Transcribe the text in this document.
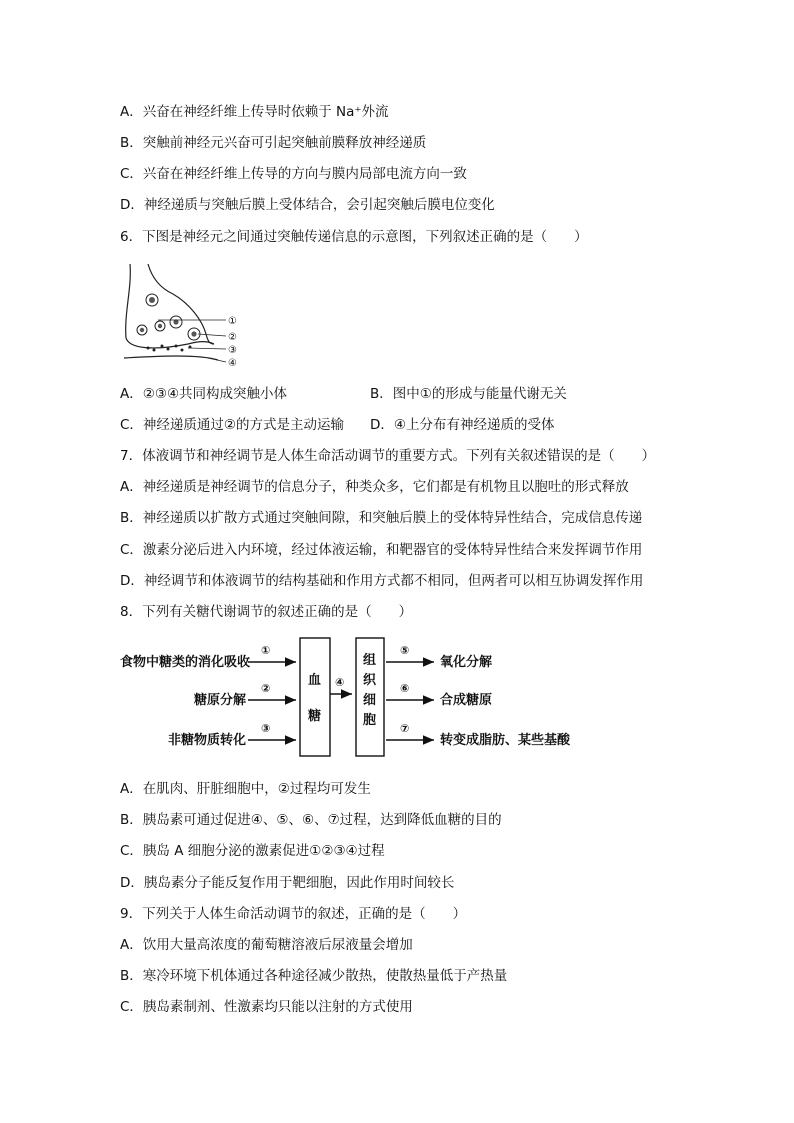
A．兴奋在神经纤维上传导时依赖于 Na⁺外流
B．突触前神经元兴奋可引起突触前膜释放神经递质
C．兴奋在神经纤维上传导的方向与膜内局部电流方向一致
D．神经递质与突触后膜上受体结合，会引起突触后膜电位变化
6．下图是神经元之间通过突触传递信息的示意图，下列叙述正确的是（　　）
①
②
③
④
A．②③④共同构成突触小体	B．图中①的形成与能量代谢无关
C．神经递质通过②的方式是主动运输 D．④上分布有神经递质的受体
7．体液调节和神经调节是人体生命活动调节的重要方式。下列有关叙述错误的是（　　）
A．神经递质是神经调节的信息分子，种类众多，它们都是有机物且以胞吐的形式释放
B．神经递质以扩散方式通过突触间隙，和突触后膜上的受体特异性结合，完成信息传递
C．激素分泌后进入内环境，经过体液运输，和靶器官的受体特异性结合来发挥调节作用
D．神经调节和体液调节的结构基础和作用方式都不相同，但两者可以相互协调发挥作用
8．下列有关糖代谢调节的叙述正确的是（　　）
食物中糖类的消化吸收
糖原分解
非糖物质转化
①
②
③
血
糖
④
组
织
细
胞
⑤
⑥
⑦
氧化分解
合成糖原
转变成脂肪、某些基酸
A．在肌肉、肝脏细胞中，②过程均可发生
B．胰岛素可通过促进④、⑤、⑥、⑦过程，达到降低血糖的目的
C．胰岛 A 细胞分泌的激素促进①②③④过程
D．胰岛素分子能反复作用于靶细胞，因此作用时间较长
9．下列关于人体生命活动调节的叙述，正确的是（　　）
A．饮用大量高浓度的葡萄糖溶液后尿液量会增加
B．寒冷环境下机体通过各种途径减少散热，使散热量低于产热量
C．胰岛素制剂、性激素均只能以注射的方式使用
